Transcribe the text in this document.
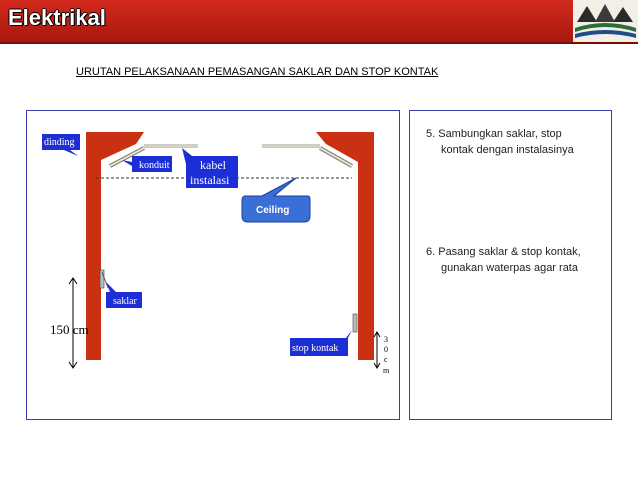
Elektrikal
URUTAN PELAKSANAAN PEMASANGAN SAKLAR DAN STOP KONTAK
dinding
konduit	kabel
instalasi
Ceiling
saklar
stop kontak
150 cm
3
0
c
m
5. Sambungkan saklar, stop
kontak dengan instalasinya
6. Pasang saklar & stop kontak,
gunakan waterpas agar rata
